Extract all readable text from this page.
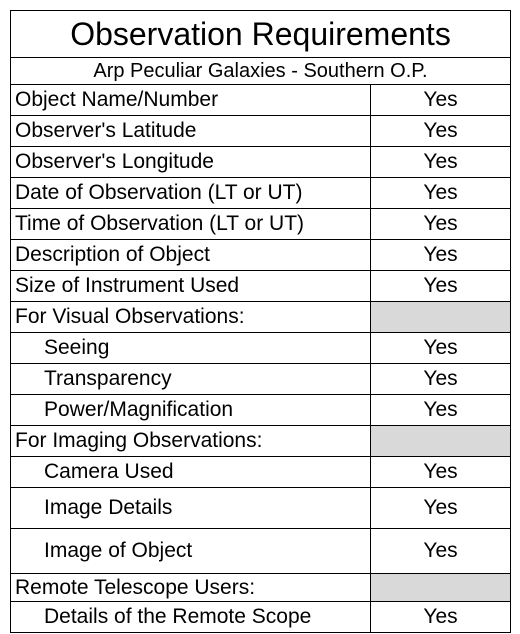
Observation Requirements	
Arp Peculiar Galaxies - Southern O.P.	
Object Name/Number	Yes
Observer's Latitude	Yes
Observer's Longitude	Yes
Date of Observation (LT or UT)	Yes
Time of Observation (LT or UT)	Yes
Description of Object	Yes
Size of Instrument Used	Yes
For Visual Observations:	
Seeing	Yes
Transparency	Yes
Power/Magnification	Yes
For Imaging Observations:	
Camera Used	Yes
Image Details	Yes
Image of Object	Yes
Remote Telescope Users:	
Details of the Remote Scope	Yes
